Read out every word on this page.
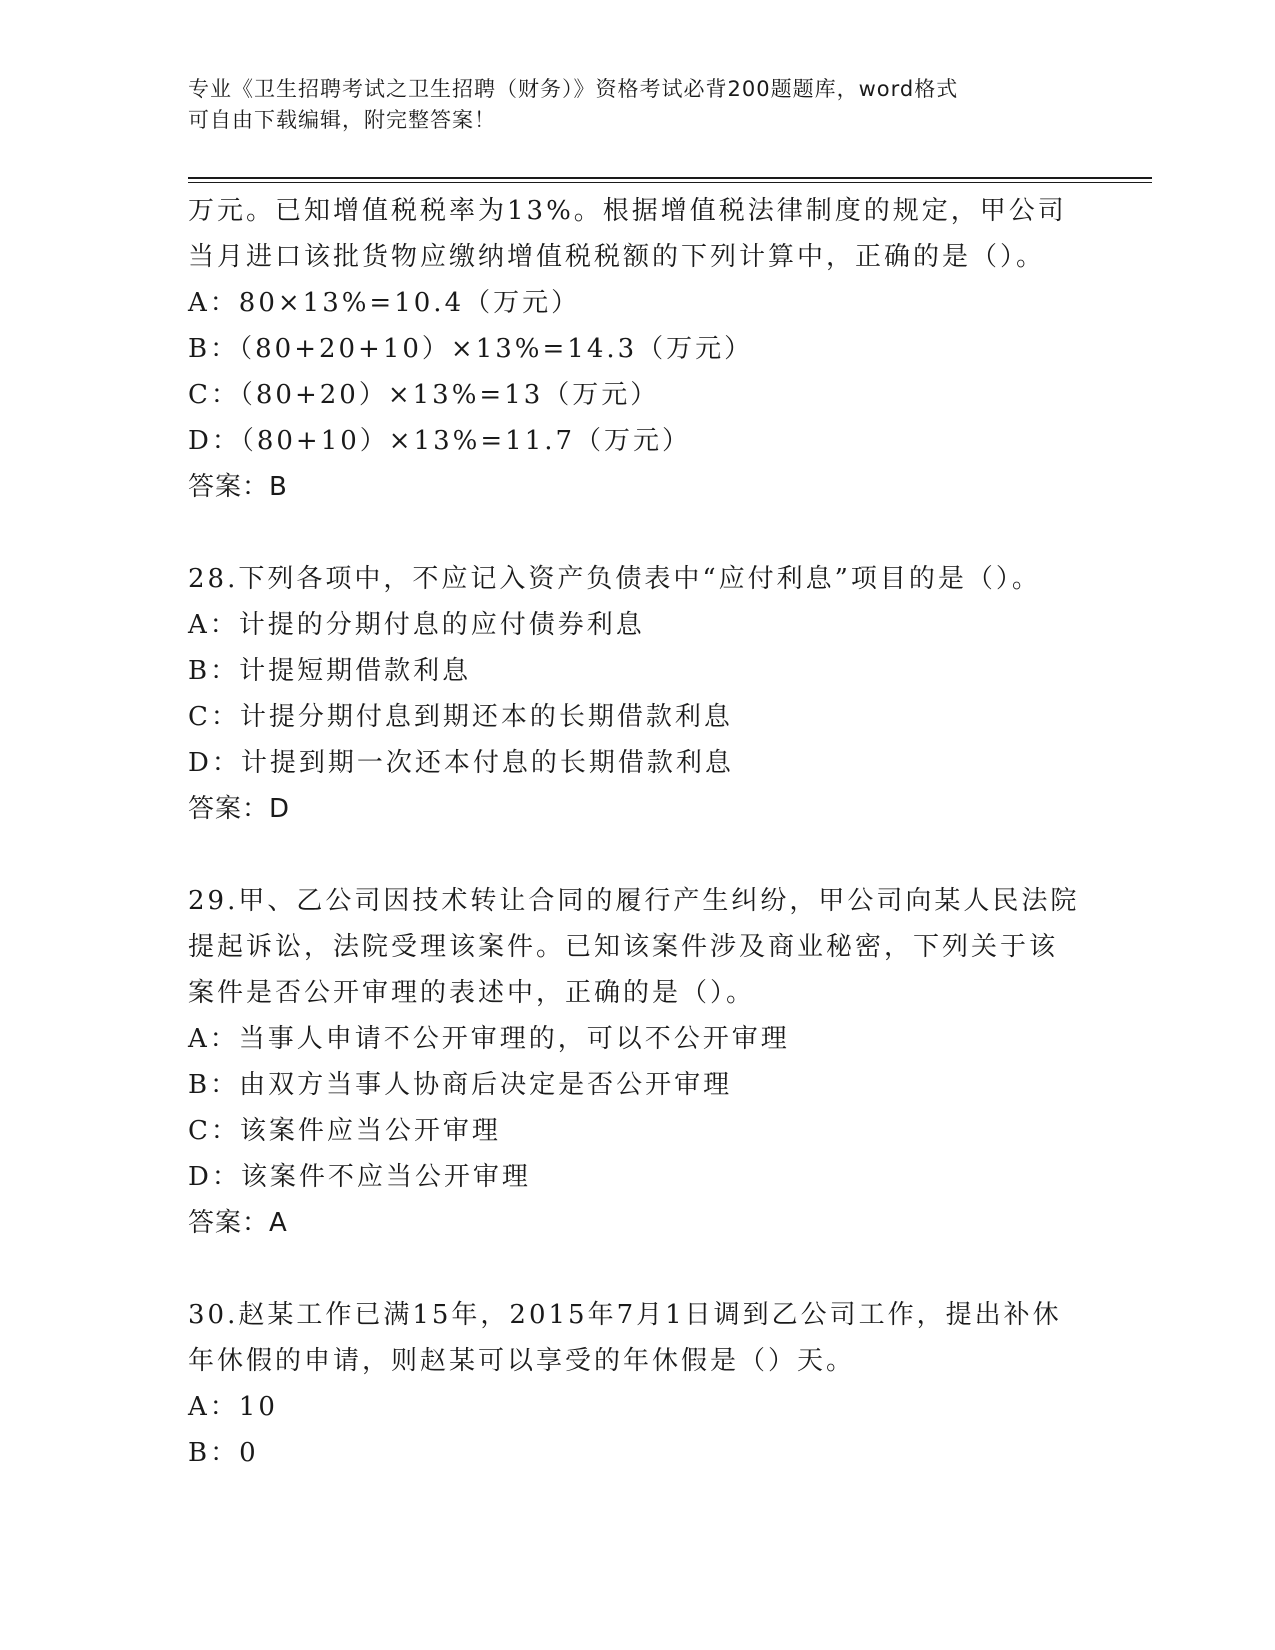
专业《卫生招聘考试之卫生招聘（财务）》资格考试必背200题题库，word格式
可自由下载编辑，附完整答案！
万元。已知增值税税率为13%。根据增值税法律制度的规定，甲公司
当月进口该批货物应缴纳增值税税额的下列计算中，正确的是（）。
A：80×13%=10.4（万元）
B：（80+20+10）×13%=14.3（万元）
C：（80+20）×13%=13（万元）
D：（80+10）×13%=11.7（万元）
答案：B
28.下列各项中，不应记入资产负债表中“应付利息”项目的是（）。
A：计提的分期付息的应付债券利息
B：计提短期借款利息
C：计提分期付息到期还本的长期借款利息
D：计提到期一次还本付息的长期借款利息
答案：D
29.甲、乙公司因技术转让合同的履行产生纠纷，甲公司向某人民法院
提起诉讼，法院受理该案件。已知该案件涉及商业秘密，下列关于该
案件是否公开审理的表述中，正确的是（）。
A：当事人申请不公开审理的，可以不公开审理
B：由双方当事人协商后决定是否公开审理
C：该案件应当公开审理
D：该案件不应当公开审理
答案：A
30.赵某工作已满15年，2015年7月1日调到乙公司工作，提出补休
年休假的申请，则赵某可以享受的年休假是（）天。
A：10
B：0
